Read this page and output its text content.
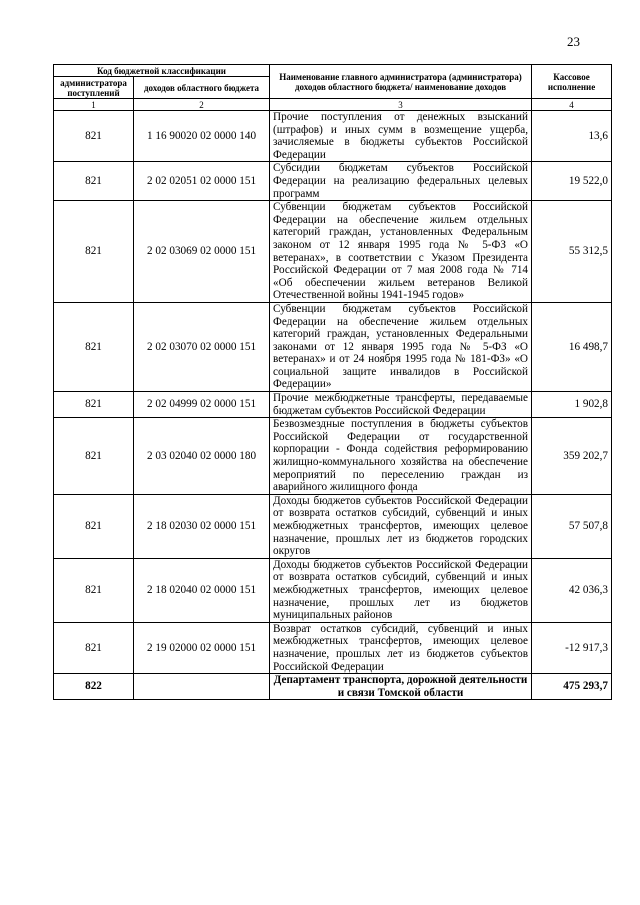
23
Код бюджетной классификации		Наименование главного администратора (администратора) доходов областного бюджета/ наименование доходов	Кассовое исполнение
администратора поступлений	доходов областного бюджета		
1	2	3	4
821	1 16 90020 02 0000 140	Прочие поступления от денежных взысканий (штрафов) и иных сумм в возмещение ущерба, зачисляемые в бюджеты субъектов Российской Федерации	13,6
821	2 02 02051 02 0000 151	Субсидии бюджетам субъектов Российской Федерации на реализацию федеральных целевых программ	19 522,0
821	2 02 03069 02 0000 151	Субвенции бюджетам субъектов Российской Федерации на обеспечение жильем отдельных категорий граждан, установленных Федеральным законом от 12 января 1995 года № 5-ФЗ «О ветеранах», в соответствии с Указом Президента Российской Федерации от 7 мая 2008 года № 714 «Об обеспечении жильем ветеранов Великой Отечественной войны 1941-1945 годов»	55 312,5
821	2 02 03070 02 0000 151	Субвенции бюджетам субъектов Российской Федерации на обеспечение жильем отдельных категорий граждан, установленных Федеральными законами от 12 января 1995 года № 5-ФЗ «О ветеранах» и от 24 ноября 1995 года № 181-ФЗ» «О социальной защите инвалидов в Российской Федерации»	16 498,7
821	2 02 04999 02 0000 151	Прочие межбюджетные трансферты, передаваемые бюджетам субъектов Российской Федерации	1 902,8
821	2 03 02040 02 0000 180	Безвозмездные поступления в бюджеты субъектов Российской Федерации от государственной корпорации - Фонда содействия реформированию жилищно-коммунального хозяйства на обеспечение мероприятий по переселению граждан из аварийного жилищного фонда	359 202,7
821	2 18 02030 02 0000 151	Доходы бюджетов субъектов Российской Федерации от возврата остатков субсидий, субвенций и иных межбюджетных трансфертов, имеющих целевое назначение, прошлых лет из бюджетов городских округов	57 507,8
821	2 18 02040 02 0000 151	Доходы бюджетов субъектов Российской Федерации от возврата остатков субсидий, субвенций и иных межбюджетных трансфертов, имеющих целевое назначение, прошлых лет из бюджетов муниципальных районов	42 036,3
821	2 19 02000 02 0000 151	Возврат остатков субсидий, субвенций и иных межбюджетных трансфертов, имеющих целевое назначение, прошлых лет из бюджетов субъектов Российской Федерации	-12 917,3
822		Департамент транспорта, дорожной деятельности и связи Томской области	475 293,7
